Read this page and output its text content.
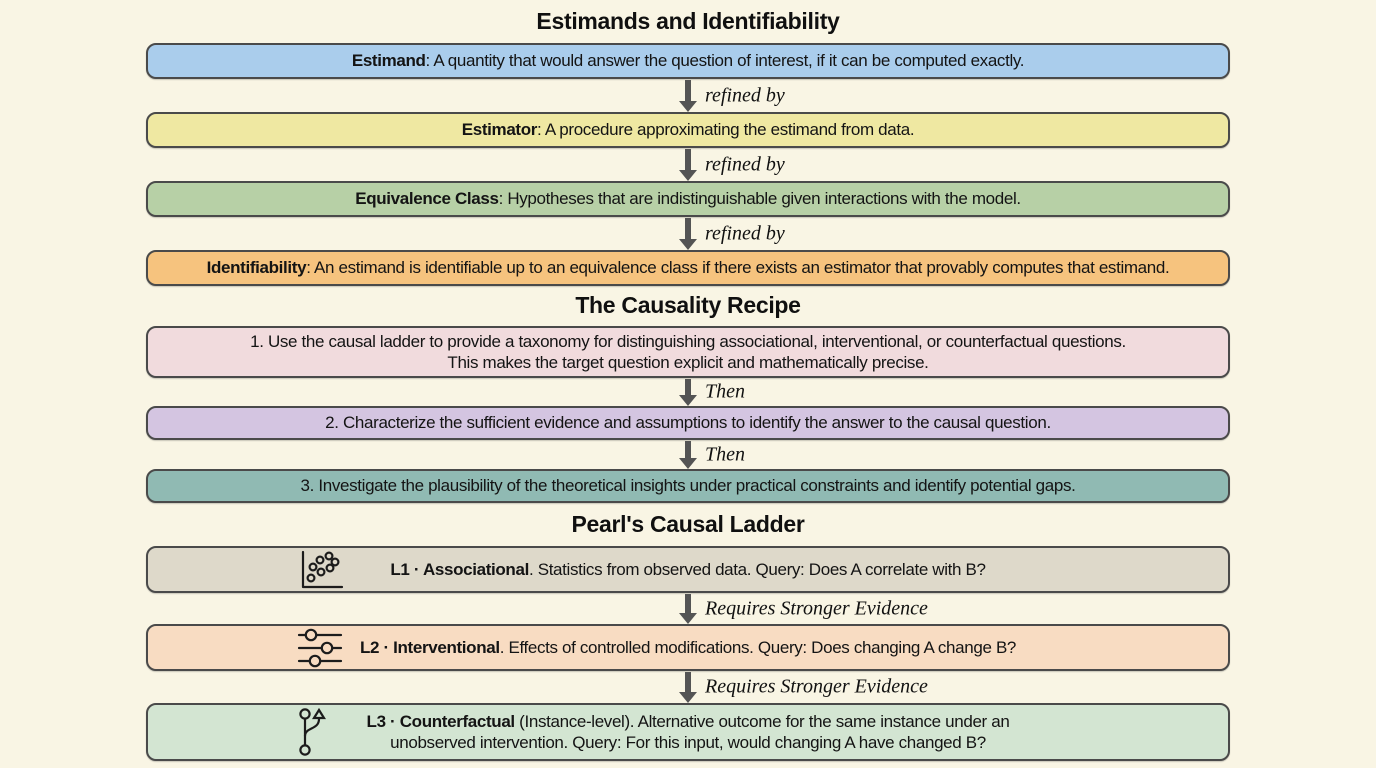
Estimands and Identifiability
Estimand: A quantity that would answer the question of interest, if it can be computed exactly.
refined by
Estimator: A procedure approximating the estimand from data.
refined by
Equivalence Class: Hypotheses that are indistinguishable given interactions with the model.
refined by
Identifiability: An estimand is identifiable up to an equivalence class if there exists an estimator that provably computes that estimand.
The Causality Recipe
1. Use the causal ladder to provide a taxonomy for distinguishing associational, interventional, or counterfactual questions.
This makes the target question explicit and mathematically precise.
Then
2. Characterize the sufficient evidence and assumptions to identify the answer to the causal question.
Then
3. Investigate the plausibility of the theoretical insights under practical constraints and identify potential gaps.
Pearl's Causal Ladder
L1 · Associational. Statistics from observed data. Query: Does A correlate with B?
Requires Stronger Evidence
L2 · Interventional. Effects of controlled modifications. Query: Does changing A change B?
Requires Stronger Evidence
L3 · Counterfactual (Instance-level). Alternative outcome for the same instance under an unobserved intervention. Query: For this input, would changing A have changed B?
